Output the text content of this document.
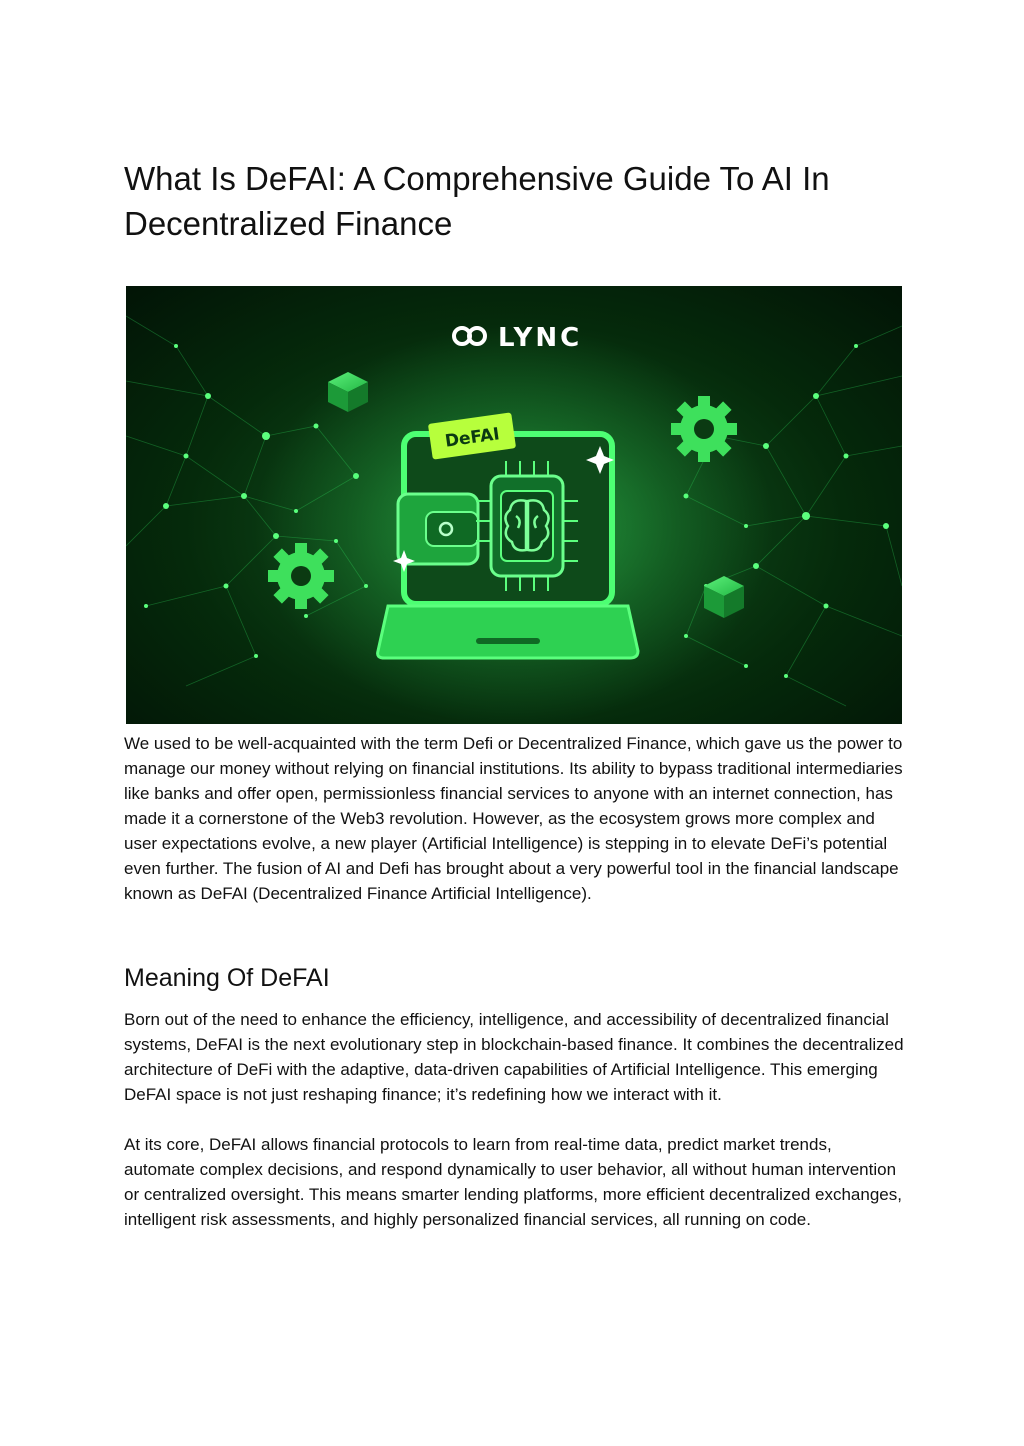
What Is DeFAI: A Comprehensive Guide To AI In Decentralized Finance
LYNC
DeFAI

We used to be well-acquainted with the term Defi or Decentralized Finance, which gave us the power to manage our money without relying on financial institutions. Its ability to bypass traditional intermediaries like banks and offer open, permissionless financial services to anyone with an internet connection, has made it a cornerstone of the Web3 revolution. However, as the ecosystem grows more complex and user expectations evolve, a new player (Artificial Intelligence) is stepping in to elevate DeFi’s potential even further. The fusion of AI and Defi has brought about a very powerful tool in the financial landscape known as DeFAI (Decentralized Finance Artificial Intelligence).

Meaning Of DeFAI

Born out of the need to enhance the efficiency, intelligence, and accessibility of decentralized financial systems, DeFAI is the next evolutionary step in blockchain-based finance. It combines the decentralized architecture of DeFi with the adaptive, data-driven capabilities of Artificial Intelligence. This emerging DeFAI space is not just reshaping finance; it’s redefining how we interact with it.

At its core, DeFAI allows financial protocols to learn from real-time data, predict market trends, automate complex decisions, and respond dynamically to user behavior, all without human intervention or centralized oversight. This means smarter lending platforms, more efficient decentralized exchanges, intelligent risk assessments, and highly personalized financial services, all running on code.
